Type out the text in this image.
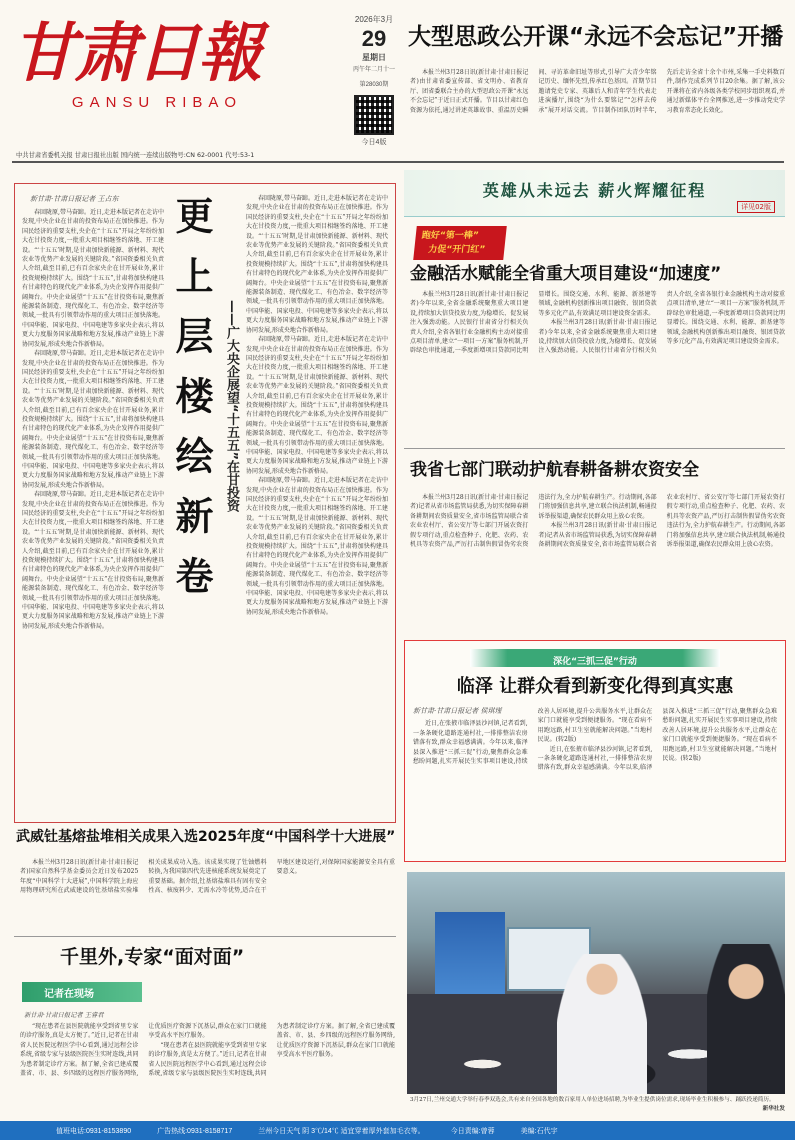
甘肃日報
GANSU RIBAO
2026年3月
29
星期日
丙午年二月十一
第28030期
今日4版
中共甘肃省委机关报 甘肃日报社出版 国内统一连续出版物号:CN 62-0001 代号:53-1
大型思政公开课“永远不会忘记”开播

本报兰州3月28日讯(新甘肃·甘肃日报记者)由甘肃省委宣传部、省文明办、省教育厅、团省委联合主办的大型思政公开课“永远不会忘记”于近日正式开播。节目以甘肃红色资源为依托,通过讲述英雄故事、重温历史瞬间、寻访革命旧址等形式,引导广大青少年铭记历史、缅怀先烈,传承红色基因。首期节目邀请党史专家、英雄后人和青年学生代表走进演播厅,围绕“为什么要铭记”“怎样去传承”展开对话交流。节目制作团队历时半年,先后走访全省十余个市州,采集一手史料数百件,制作完成系列节目20余集。据了解,该公开课将在省内各级各类学校同步组织观看,并通过新媒体平台全网推送,进一步推动党史学习教育常态化长效化。

英雄从未远去 薪火辉耀征程
详见02版
跑好“第一棒”
力促“开门红”
金融活水赋能全省重大项目建设“加速度”

本报兰州3月28日讯(新甘肃·甘肃日报记者)今年以来,全省金融系统聚焦重大项目建设,持续加大信贷投放力度,为稳增长、促发展注入强劲动能。人民银行甘肃省分行相关负责人介绍,全省各银行业金融机构主动对接重点项目清单,建立“一项目一方案”服务机制,开辟绿色审批通道,一季度新增项目贷款同比明显增长。围绕交通、水利、能源、新基建等领域,金融机构创新推出项目融资、银团贷款等多元化产品,有效满足项目建设资金需求。

本报兰州3月28日讯(新甘肃·甘肃日报记者)今年以来,全省金融系统聚焦重大项目建设,持续加大信贷投放力度,为稳增长、促发展注入强劲动能。人民银行甘肃省分行相关负责人介绍,全省各银行业金融机构主动对接重点项目清单,建立“一项目一方案”服务机制,开辟绿色审批通道,一季度新增项目贷款同比明显增长。围绕交通、水利、能源、新基建等领域,金融机构创新推出项目融资、银团贷款等多元化产品,有效满足项目建设资金需求。

我省七部门联动护航春耕备耕农资安全

本报兰州3月28日讯(新甘肃·甘肃日报记者)记者从省市场监管局获悉,为切实保障春耕备耕期间农资质量安全,省市场监管局联合省农业农村厅、省公安厅等七部门开展农资打假专项行动,重点检查种子、化肥、农药、农机具等农资产品,严厉打击制售假冒伪劣农资违法行为,全力护航春耕生产。行动期间,各部门将加强信息共享,建立联合执法机制,畅通投诉举报渠道,确保农民群众用上放心农资。

本报兰州3月28日讯(新甘肃·甘肃日报记者)记者从省市场监管局获悉,为切实保障春耕备耕期间农资质量安全,省市场监管局联合省农业农村厅、省公安厅等七部门开展农资打假专项行动,重点检查种子、化肥、农药、农机具等农资产品,严厉打击制售假冒伪劣农资违法行为,全力护航春耕生产。行动期间,各部门将加强信息共享,建立联合执法机制,畅通投诉举报渠道,确保农民群众用上放心农资。

深化“三抓三促”行动
临泽 让群众看到新变化得到真实惠
新甘肃·甘肃日报记者 侯琪瑾

近日,在张掖市临泽县沙河镇,记者看到,一条条硬化道路连通村社,一排排整洁农房错落有致,群众幸福感满满。今年以来,临泽县深入推进“三抓三促”行动,聚焦群众急难愁盼问题,扎实开展民生实事项目建设,持续改善人居环境,提升公共服务水平,让群众在家门口就能享受到便捷服务。“现在看病不用跑远路,村卫生室就能解决问题。”当地村民说。(转2版)

近日,在张掖市临泽县沙河镇,记者看到,一条条硬化道路连通村社,一排排整洁农房错落有致,群众幸福感满满。今年以来,临泽县深入推进“三抓三促”行动,聚焦群众急难愁盼问题,扎实开展民生实事项目建设,持续改善人居环境,提升公共服务水平,让群众在家门口就能享受到便捷服务。“现在看病不用跑远路,村卫生室就能解决问题。”当地村民说。(转2版)

3月27日,兰州交通大学举行春季双选会,共有来自全国各地的数百家用人单位进场招聘,为毕业生提供岗位需求,现场毕业生积极参与、踊跃投递简历。
新华社发
新甘肃·甘肃日报记者 王占东

春回陇原,带马奋蹄。近日,走进本版记者在走访中发现,中央企业在甘肃的投资布局正在加快推进。作为国民经济的重要支柱,央企在“十五五”开局之年纷纷加大在甘投资力度,一批重大项目相继签约落地、开工建设。“‘十五五’时期,是甘肃加快新能源、新材料、现代农业等优势产业发展的关键阶段。”省国资委相关负责人介绍,截至目前,已有百余家央企在甘开展业务,累计投资规模持续扩大。围绕“十五五”,甘肃将加快构建具有甘肃特色的现代化产业体系,为央企发挥作用提供广阔舞台。中央企业展望“十五五”在甘投资布局,聚焦新能源装备制造、现代煤化工、有色冶金、数字经济等领域,一批具有引领带动作用的重大项目正加快落地。中国华能、国家电投、中国电建等多家央企表示,将以更大力度服务国家战略和地方发展,推动产业链上下游协同发展,形成央地合作新格局。

春回陇原,带马奋蹄。近日,走进本版记者在走访中发现,中央企业在甘肃的投资布局正在加快推进。作为国民经济的重要支柱,央企在“十五五”开局之年纷纷加大在甘投资力度,一批重大项目相继签约落地、开工建设。“‘十五五’时期,是甘肃加快新能源、新材料、现代农业等优势产业发展的关键阶段。”省国资委相关负责人介绍,截至目前,已有百余家央企在甘开展业务,累计投资规模持续扩大。围绕“十五五”,甘肃将加快构建具有甘肃特色的现代化产业体系,为央企发挥作用提供广阔舞台。中央企业展望“十五五”在甘投资布局,聚焦新能源装备制造、现代煤化工、有色冶金、数字经济等领域,一批具有引领带动作用的重大项目正加快落地。中国华能、国家电投、中国电建等多家央企表示,将以更大力度服务国家战略和地方发展,推动产业链上下游协同发展,形成央地合作新格局。

春回陇原,带马奋蹄。近日,走进本版记者在走访中发现,中央企业在甘肃的投资布局正在加快推进。作为国民经济的重要支柱,央企在“十五五”开局之年纷纷加大在甘投资力度,一批重大项目相继签约落地、开工建设。“‘十五五’时期,是甘肃加快新能源、新材料、现代农业等优势产业发展的关键阶段。”省国资委相关负责人介绍,截至目前,已有百余家央企在甘开展业务,累计投资规模持续扩大。围绕“十五五”,甘肃将加快构建具有甘肃特色的现代化产业体系,为央企发挥作用提供广阔舞台。中央企业展望“十五五”在甘投资布局,聚焦新能源装备制造、现代煤化工、有色冶金、数字经济等领域,一批具有引领带动作用的重大项目正加快落地。中国华能、国家电投、中国电建等多家央企表示,将以更大力度服务国家战略和地方发展,推动产业链上下游协同发展,形成央地合作新格局。

更上层楼绘新卷 ——广大央企展望“十五五”在甘投资

春回陇原,带马奋蹄。近日,走进本版记者在走访中发现,中央企业在甘肃的投资布局正在加快推进。作为国民经济的重要支柱,央企在“十五五”开局之年纷纷加大在甘投资力度,一批重大项目相继签约落地、开工建设。“‘十五五’时期,是甘肃加快新能源、新材料、现代农业等优势产业发展的关键阶段。”省国资委相关负责人介绍,截至目前,已有百余家央企在甘开展业务,累计投资规模持续扩大。围绕“十五五”,甘肃将加快构建具有甘肃特色的现代化产业体系,为央企发挥作用提供广阔舞台。中央企业展望“十五五”在甘投资布局,聚焦新能源装备制造、现代煤化工、有色冶金、数字经济等领域,一批具有引领带动作用的重大项目正加快落地。中国华能、国家电投、中国电建等多家央企表示,将以更大力度服务国家战略和地方发展,推动产业链上下游协同发展,形成央地合作新格局。

春回陇原,带马奋蹄。近日,走进本版记者在走访中发现,中央企业在甘肃的投资布局正在加快推进。作为国民经济的重要支柱,央企在“十五五”开局之年纷纷加大在甘投资力度,一批重大项目相继签约落地、开工建设。“‘十五五’时期,是甘肃加快新能源、新材料、现代农业等优势产业发展的关键阶段。”省国资委相关负责人介绍,截至目前,已有百余家央企在甘开展业务,累计投资规模持续扩大。围绕“十五五”,甘肃将加快构建具有甘肃特色的现代化产业体系,为央企发挥作用提供广阔舞台。中央企业展望“十五五”在甘投资布局,聚焦新能源装备制造、现代煤化工、有色冶金、数字经济等领域,一批具有引领带动作用的重大项目正加快落地。中国华能、国家电投、中国电建等多家央企表示,将以更大力度服务国家战略和地方发展,推动产业链上下游协同发展,形成央地合作新格局。

春回陇原,带马奋蹄。近日,走进本版记者在走访中发现,中央企业在甘肃的投资布局正在加快推进。作为国民经济的重要支柱,央企在“十五五”开局之年纷纷加大在甘投资力度,一批重大项目相继签约落地、开工建设。“‘十五五’时期,是甘肃加快新能源、新材料、现代农业等优势产业发展的关键阶段。”省国资委相关负责人介绍,截至目前,已有百余家央企在甘开展业务,累计投资规模持续扩大。围绕“十五五”,甘肃将加快构建具有甘肃特色的现代化产业体系,为央企发挥作用提供广阔舞台。中央企业展望“十五五”在甘投资布局,聚焦新能源装备制造、现代煤化工、有色冶金、数字经济等领域,一批具有引领带动作用的重大项目正加快落地。中国华能、国家电投、中国电建等多家央企表示,将以更大力度服务国家战略和地方发展,推动产业链上下游协同发展,形成央地合作新格局。

武威钍基熔盐堆相关成果入选2025年度“中国科学十大进展”

本报兰州3月28日讯(新甘肃·甘肃日报记者)国家自然科学基金委员会近日发布2025年度“中国科学十大进展”,中国科学院上海应用物理研究所在武威建设的钍基熔盐实验堆相关成果成功入选。该成果实现了钍铀燃料转换,为我国第四代先进核能系统发展奠定了重要基础。据介绍,钍基熔盐堆具有固有安全性高、核废料少、无需水冷等优势,适合在干旱地区建设运行,对保障国家能源安全具有重要意义。

千里外,专家“面对面”
记者在现场
新甘肃·甘肃日报记者 王睿君

“现在患者在县医院就能享受到省里专家的诊疗服务,真是太方便了。”近日,记者在甘肃省人民医院远程医学中心看到,通过远程会诊系统,省级专家与县级医院医生实时连线,共同为患者制定诊疗方案。据了解,全省已建成覆盖省、市、县、乡四级的远程医疗服务网络,让优质医疗资源下沉基层,群众在家门口就能享受高水平医疗服务。

“现在患者在县医院就能享受到省里专家的诊疗服务,真是太方便了。”近日,记者在甘肃省人民医院远程医学中心看到,通过远程会诊系统,省级专家与县级医院医生实时连线,共同为患者制定诊疗方案。据了解,全省已建成覆盖省、市、县、乡四级的远程医疗服务网络,让优质医疗资源下沉基层,群众在家门口就能享受高水平医疗服务。

值班电话:0931-8153890	广告热线:0931-8158717	兰州今日天气 阴 3℃/14℃ 适宜穿着厚外套加毛衣等。	今日责编:曾蓉	美编:石代宇
